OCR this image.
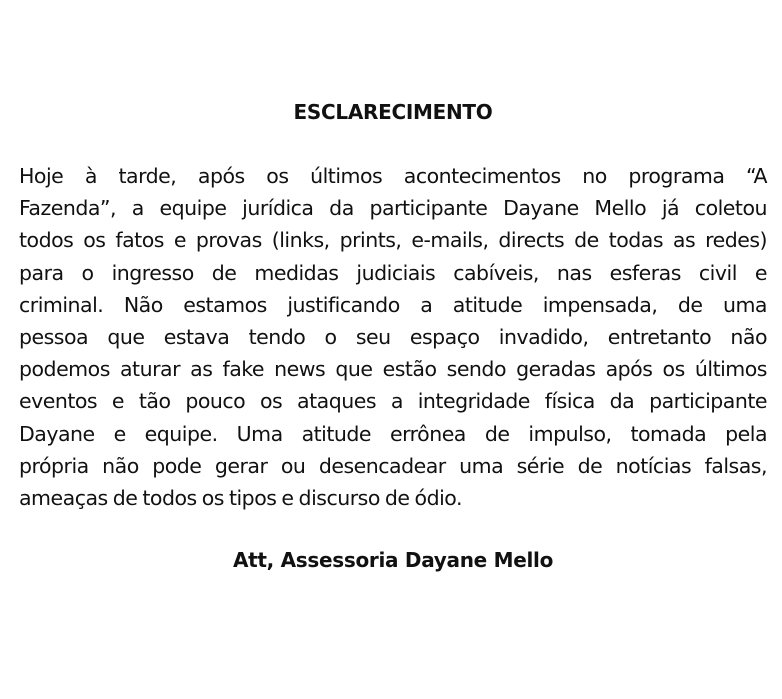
ESCLARECIMENTO
Hoje à tarde, após os últimos acontecimentos no programa “A
Fazenda”, a equipe jurídica da participante Dayane Mello já coletou
todos os fatos e provas (links, prints, e-mails, directs de todas as redes)
para o ingresso de medidas judiciais cabíveis, nas esferas civil e
criminal. Não estamos justificando a atitude impensada, de uma
pessoa que estava tendo o seu espaço invadido, entretanto não
podemos aturar as fake news que estão sendo geradas após os últimos
eventos e tão pouco os ataques a integridade física da participante
Dayane e equipe. Uma atitude errônea de impulso, tomada pela
própria não pode gerar ou desencadear uma série de notícias falsas,
ameaças de todos os tipos e discurso de ódio.
Att, Assessoria Dayane Mello
